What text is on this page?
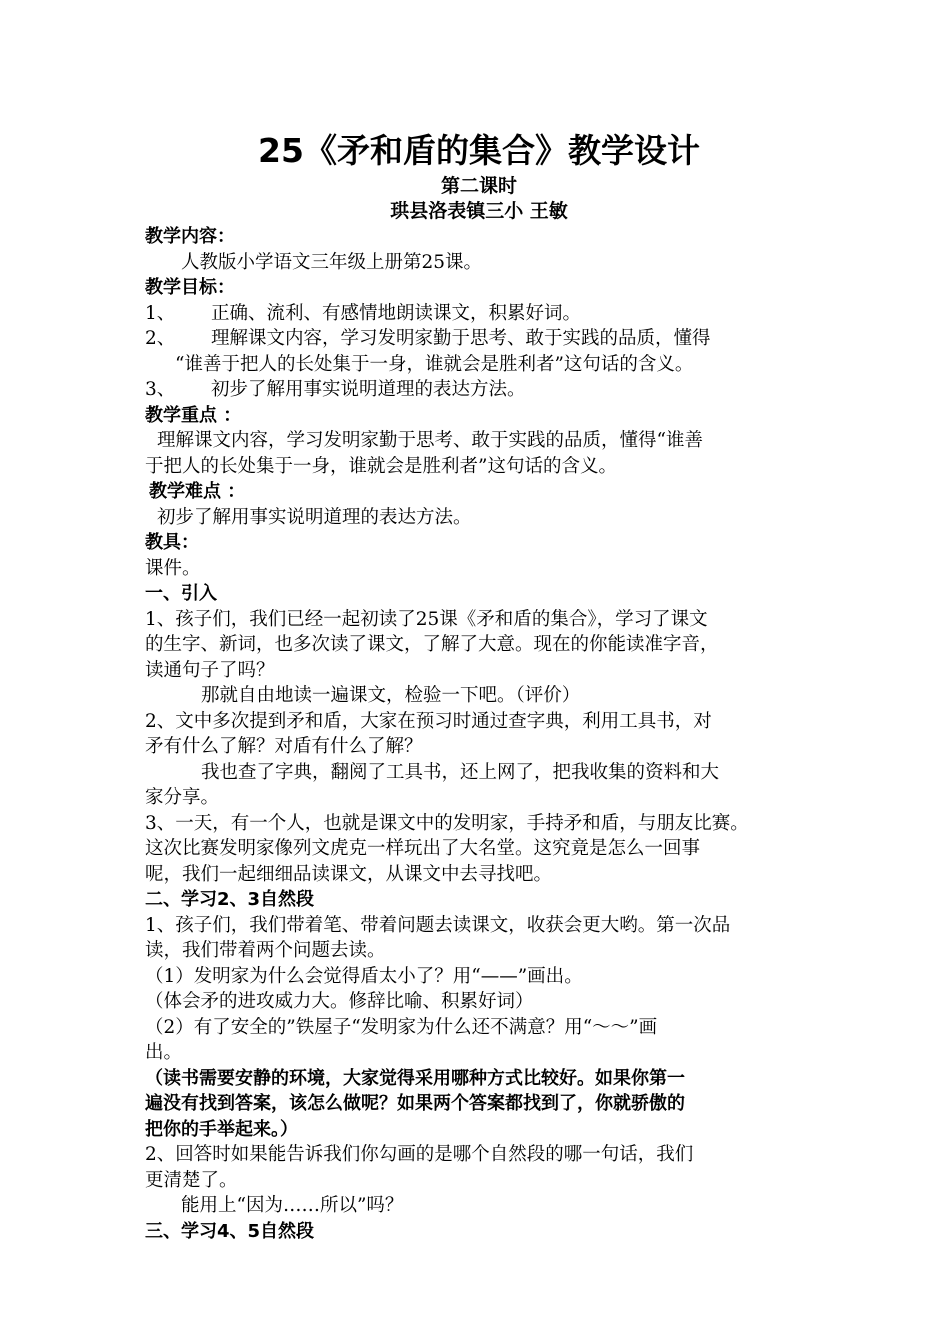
25《矛和盾的集合》教学设计

第二课时

珙县洛表镇三小 王敏

教学内容：

人教版小学语文三年级上册第25课。

教学目标：

1、 正确、流利、有感情地朗读课文，积累好词。

2、 理解课文内容，学习发明家勤于思考、敢于实践的品质，懂得

“谁善于把人的长处集于一身，谁就会是胜利者”这句话的含义。

3、 初步了解用事实说明道理的表达方法。

教学重点 ：

理解课文内容，学习发明家勤于思考、敢于实践的品质，懂得“谁善

于把人的长处集于一身，谁就会是胜利者”这句话的含义。

教学难点 ：

初步了解用事实说明道理的表达方法。

教具：

课件。

一、引入

1、孩子们，我们已经一起初读了25课《矛和盾的集合》，学习了课文

的生字、新词，也多次读了课文，了解了大意。现在的你能读准字音，

读通句子了吗？

那就自由地读一遍课文，检验一下吧。（评价）

2、文中多次提到矛和盾，大家在预习时通过查字典，利用工具书，对

矛有什么了解？对盾有什么了解？

我也查了字典，翻阅了工具书，还上网了，把我收集的资料和大

家分享。

3、一天，有一个人，也就是课文中的发明家，手持矛和盾，与朋友比赛。

这次比赛发明家像列文虎克一样玩出了大名堂。这究竟是怎么一回事

呢，我们一起细细品读课文，从课文中去寻找吧。

二、学习2、3自然段

1、孩子们，我们带着笔、带着问题去读课文，收获会更大哟。第一次品

读，我们带着两个问题去读。

（1）发明家为什么会觉得盾太小了？用“——”画出。

（体会矛的进攻威力大。修辞比喻、积累好词）

（2）有了安全的”铁屋子“发明家为什么还不满意？用“～～”画

出。

（读书需要安静的环境，大家觉得采用哪种方式比较好。如果你第一

遍没有找到答案，该怎么做呢？如果两个答案都找到了，你就骄傲的

把你的手举起来。）

2、回答时如果能告诉我们你勾画的是哪个自然段的哪一句话，我们

更清楚了。

能用上“因为……所以”吗？

三、学习4、5自然段
